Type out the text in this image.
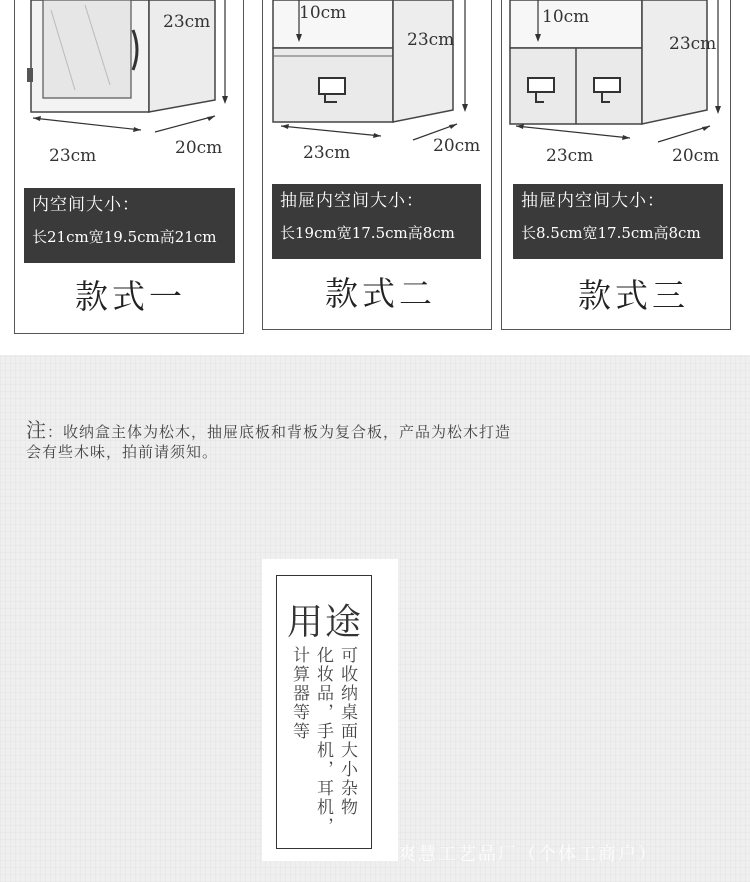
23cm
23cm	20cm
内空间大小：
长21cm宽19.5cm高21cm
款式一
10cm
23cm
23cm	20cm
抽屉内空间大小：
长19cm宽17.5cm高8cm
款式二
10cm
23cm
23cm	20cm
抽屉内空间大小：
长8.5cm宽17.5cm高8cm
款式三
注：收纳盒主体为松木，抽屉底板和背板为复合板，产品为松木打造
会有些木味，拍前请须知。
用途
可收纳桌面大小杂物
化妆品，手机，耳机，
计算器等等
鑫爽慧工艺品厂（个体工商户）
